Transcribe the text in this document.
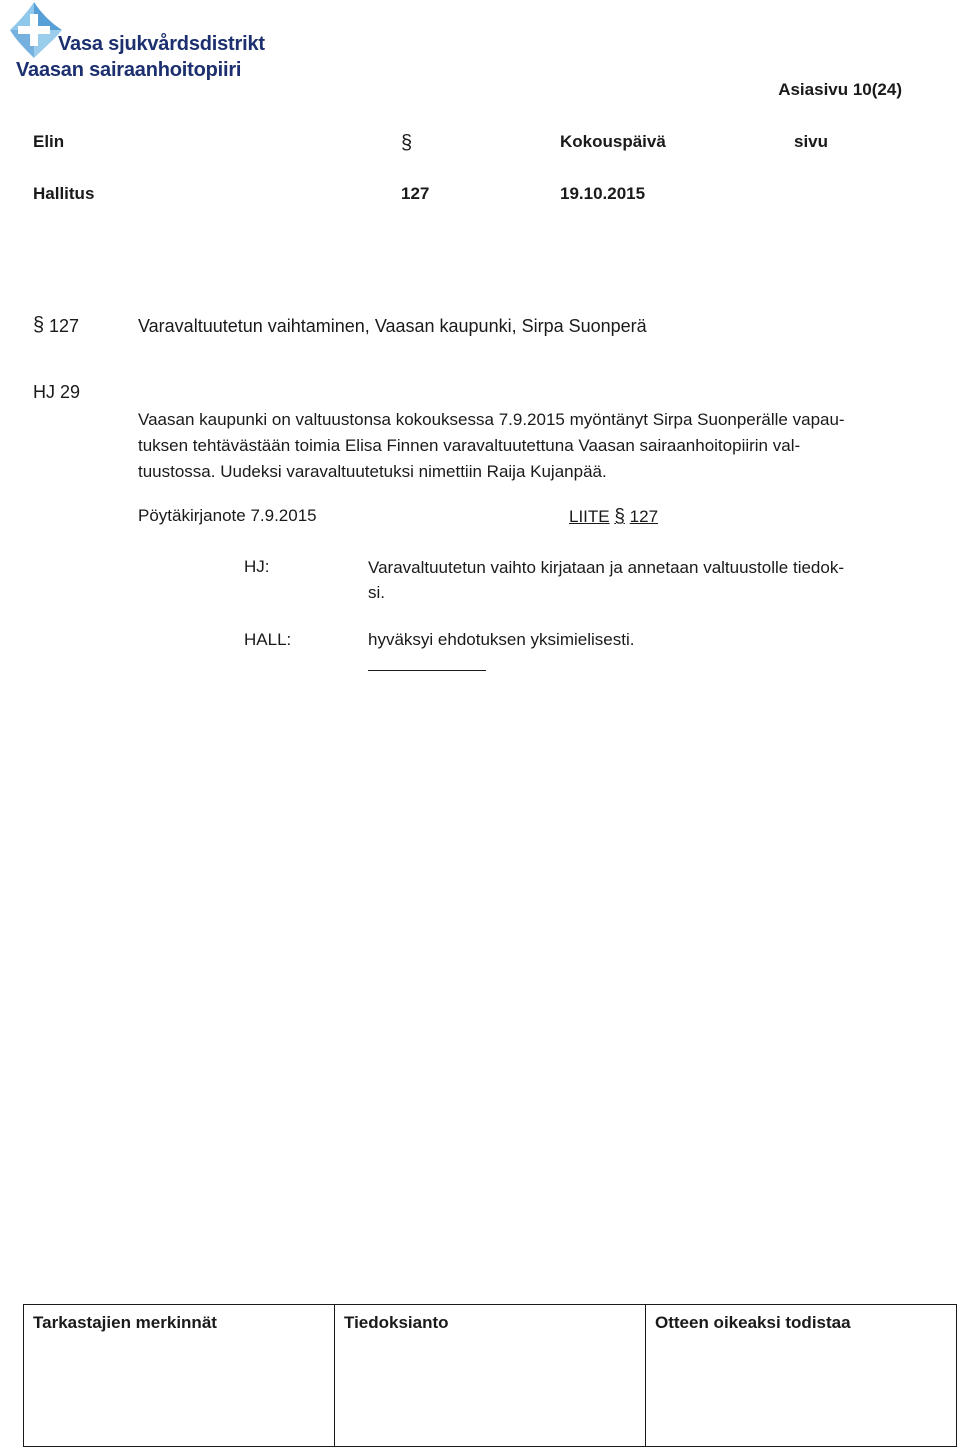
Vasa sjukvårdsdistrikt
Vaasan sairaanhoitopiiri
Asiasivu 10(24)
Elin	§	Kokouspäivä	sivu
Hallitus	127	19.10.2015
§ 127	Varavaltuutetun vaihtaminen, Vaasan kaupunki, Sirpa Suonperä
HJ 29

Vaasan kaupunki on valtuustonsa kokouksessa 7.9.2015 myöntänyt Sirpa Suonperälle vapau-

tuksen tehtävästään toimia Elisa Finnen varavaltuutettuna Vaasan sairaanhoitopiirin val-

tuustossa. Uudeksi varavaltuutetuksi nimettiin Raija Kujanpää.

Pöytäkirjanote 7.9.2015	LIITE § 127
HJ:	Varavaltuutetun vaihto kirjataan ja annetaan valtuustolle tiedok-
si.
HALL:	hyväksyi ehdotuksen yksimielisesti.
Tarkastajien merkinnät	Tiedoksianto	Otteen oikeaksi todistaa
